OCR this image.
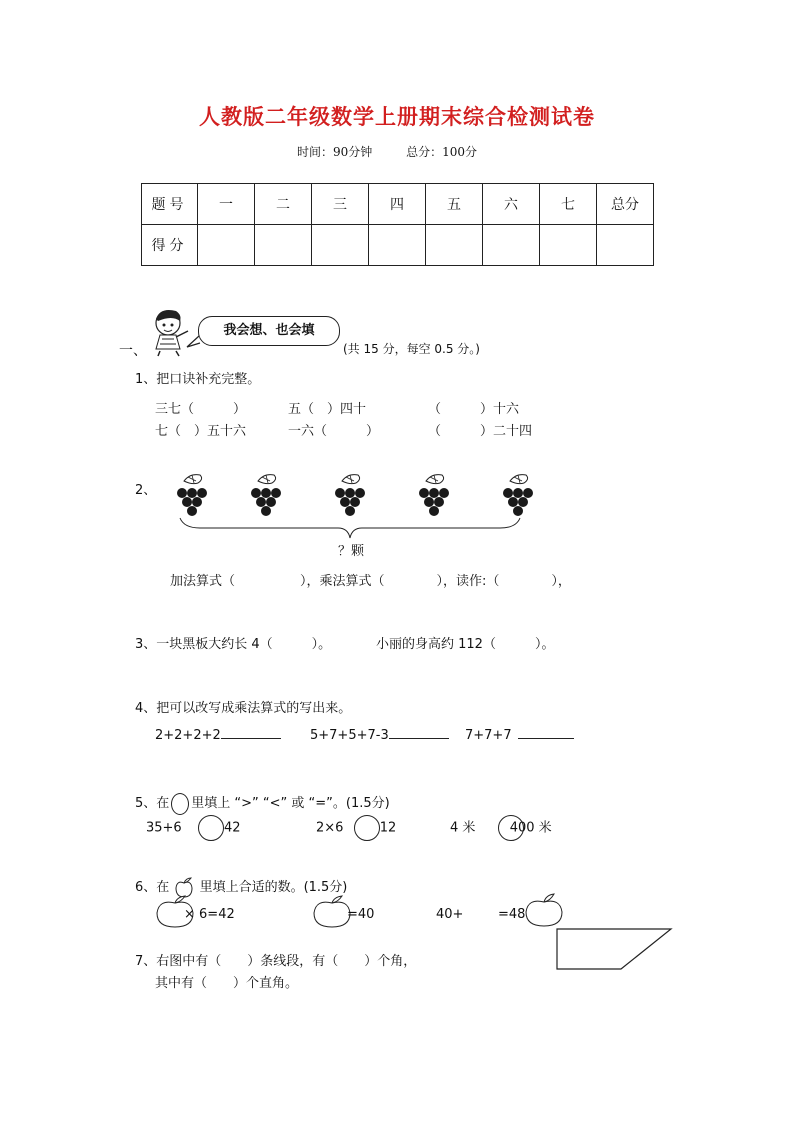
人教版二年级数学上册期末综合检测试卷
时间：90分钟	总分：100分
题号	一	二	三	四	五	六	七	总分
得分								
一、
我会想、也会填
(共 15 分，每空 0.5 分。)
1、把口诀补充完整。
三七（　　　）	五（　）四十	（　　　）十六
七（　）五十六	一六（　　　）	（　　　）二十四
2、
？颗
加法算式（　　　　　），乘法算式（　　　　），读作:（　　　　），
3、一块黑板大约长 4（　　　）。	小丽的身高约 112（　　　）。
4、把可以改写成乘法算式的写出来。
2+2+2+2	5+7+5+7-3	7+7+7
5、在 里填上 “>” “<” 或 “=”。(1.5分)
35+6	42	2×6	12	4 米	400 米
6、在 里填上合适的数。(1.5分)
× 6=42	=40	40+	=48
7、右图中有（　　）条线段，有（　　）个角，
其中有（　　）个直角。
